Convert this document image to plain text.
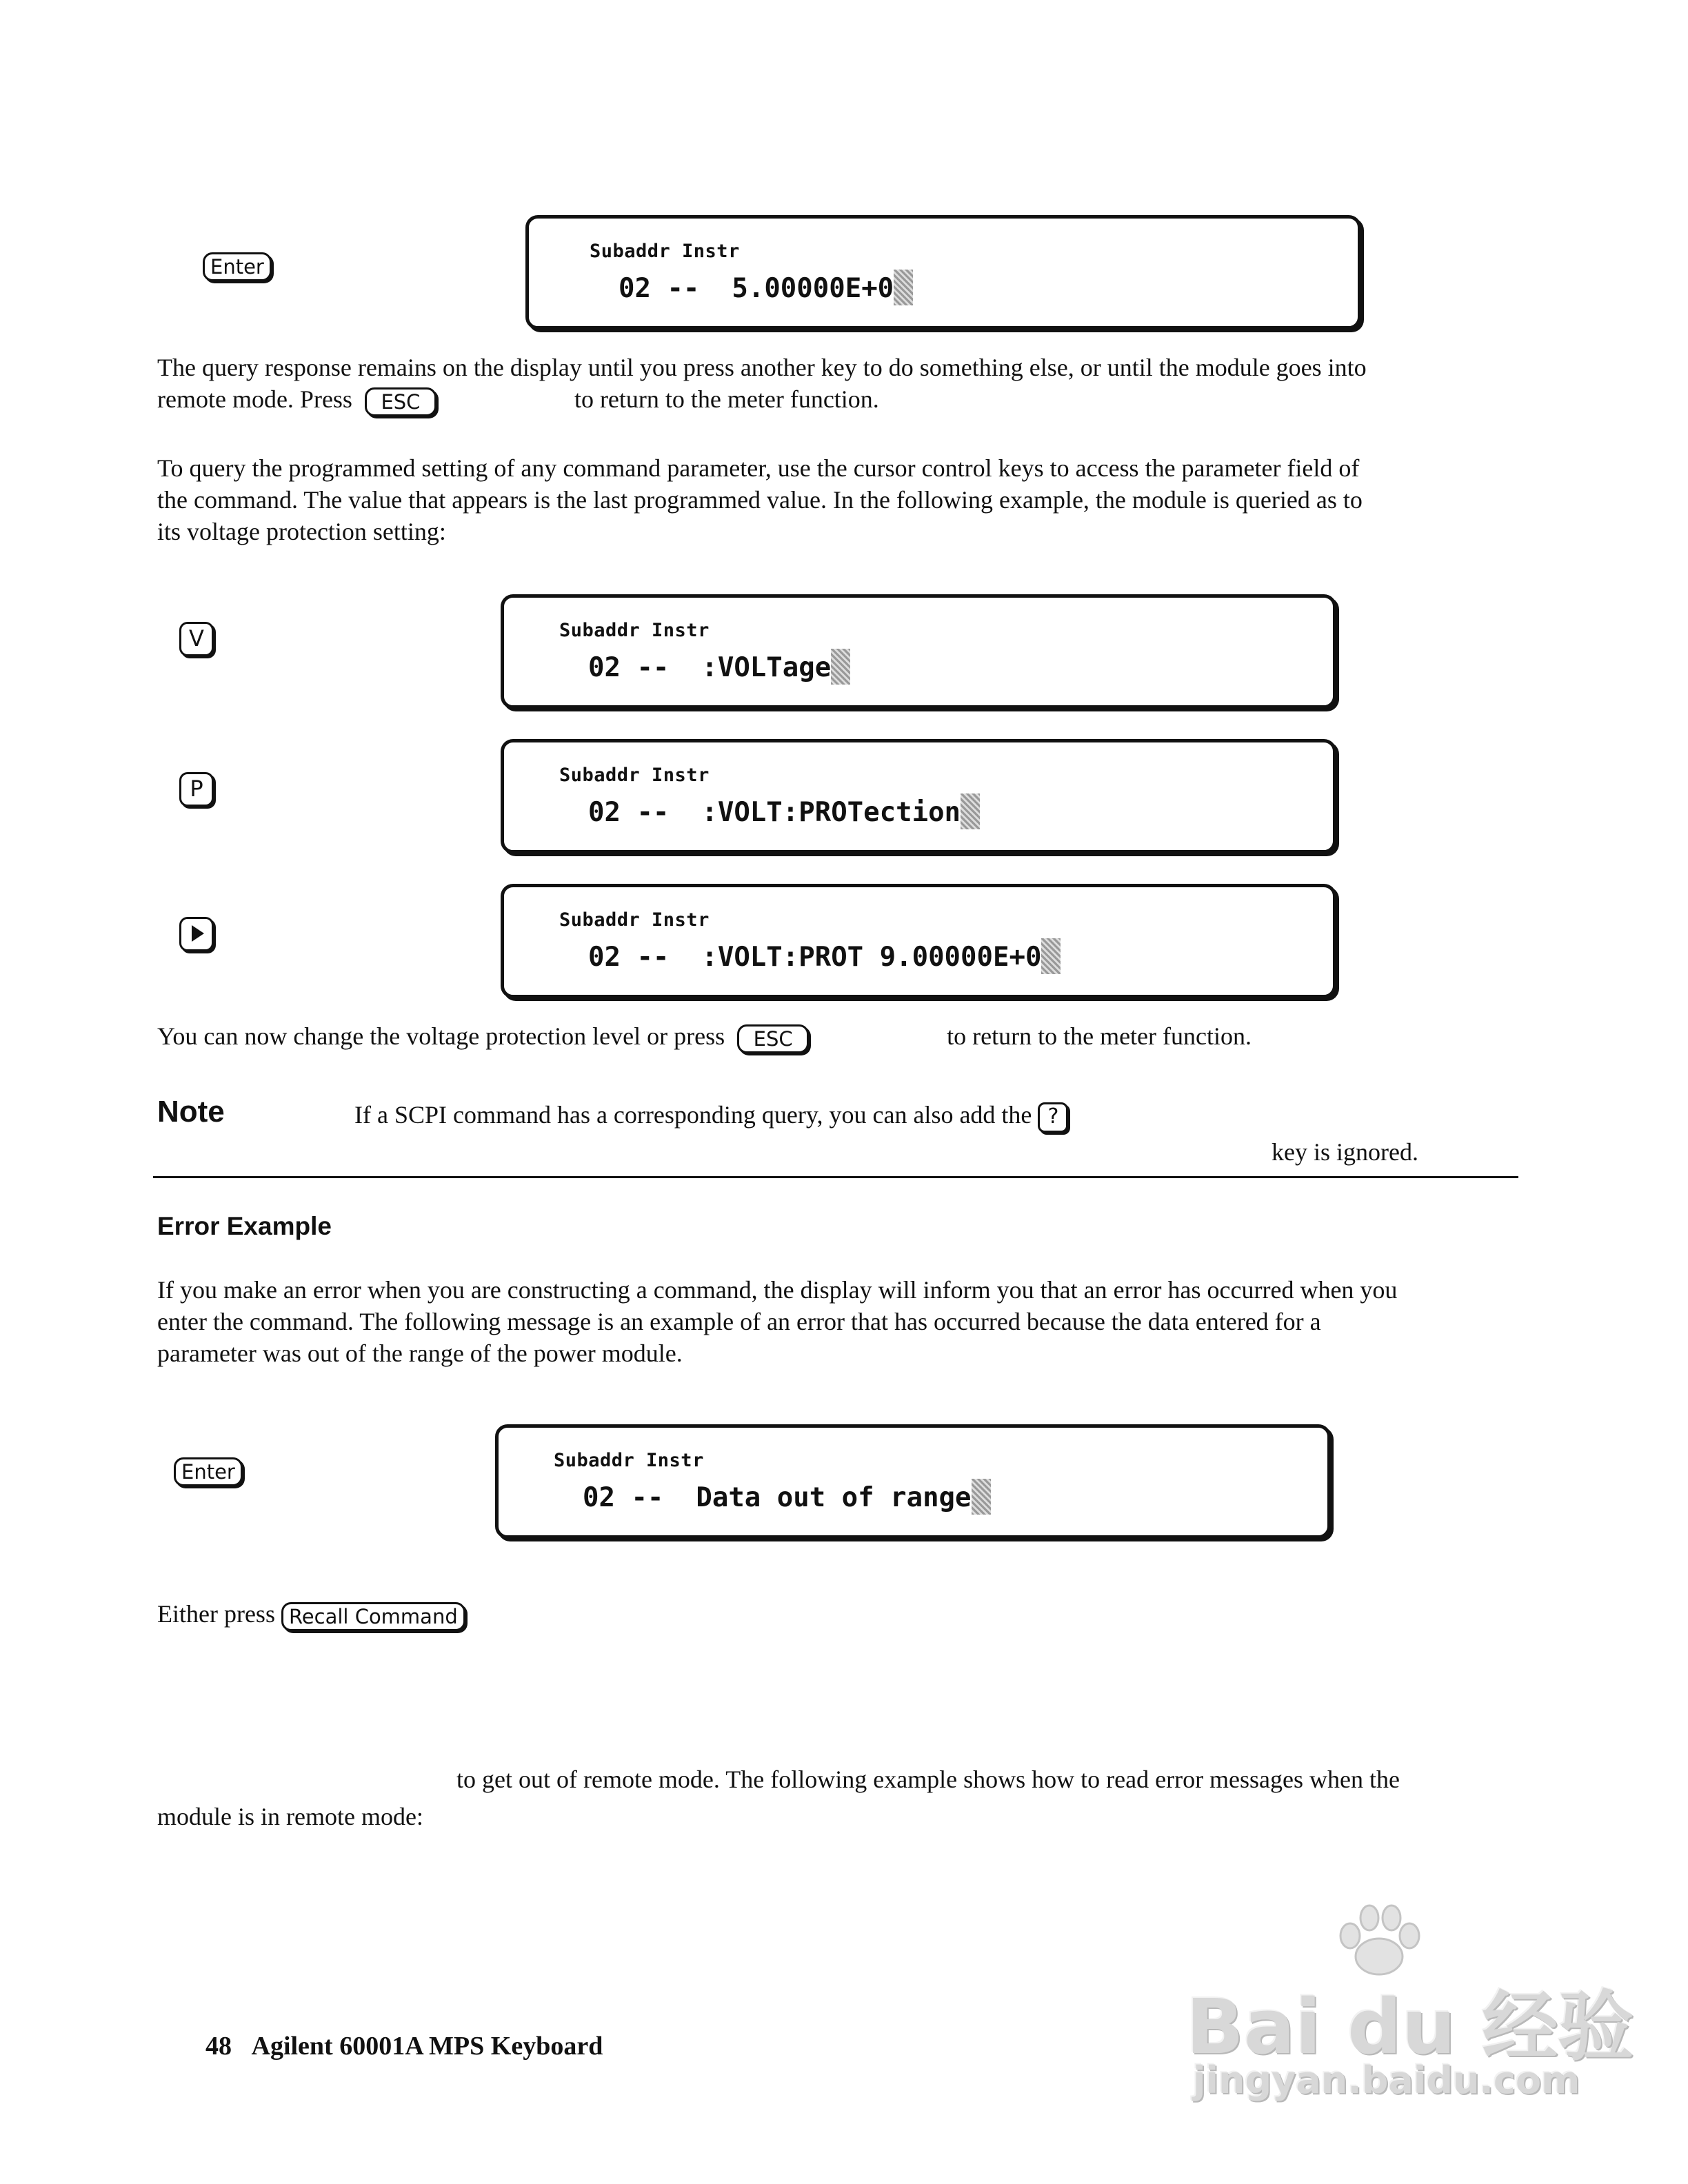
Enter
Subaddr Instr
02 --  5.00000E+0

The query response remains on the display until you press another key to do something else, or until the module goes into
remote mode. Press ESC	to return to the meter function.

To query the programmed setting of any command parameter, use the cursor control keys to access the parameter field of
the command. The value that appears is the last programmed value. In the following example, the module is queried as to
its voltage protection setting:

V	Subaddr Instr
02 --  :VOLTage
P
Subaddr Instr
02 --  :VOLT:PROTection
Subaddr Instr
02 --  :VOLT:PROT 9.00000E+0

You can now change the voltage protection level or press ESC	to return to the meter function.

Note	If a SCPI command has a corresponding query, you can also add the ?
key is ignored.
Error Example

If you make an error when you are constructing a command, the display will inform you that an error has occurred when you
enter the command. The following message is an example of an error that has occurred because the data entered for a
parameter was out of the range of the power module.

Enter	Subaddr Instr
02 --  Data out of range

Either press Recall Command

to get out of remote mode. The following example shows how to read error messages when the
module is in remote mode:
48 Agilent 60001A MPS Keyboard	Bai du 经验
jingyan.baidu.com
